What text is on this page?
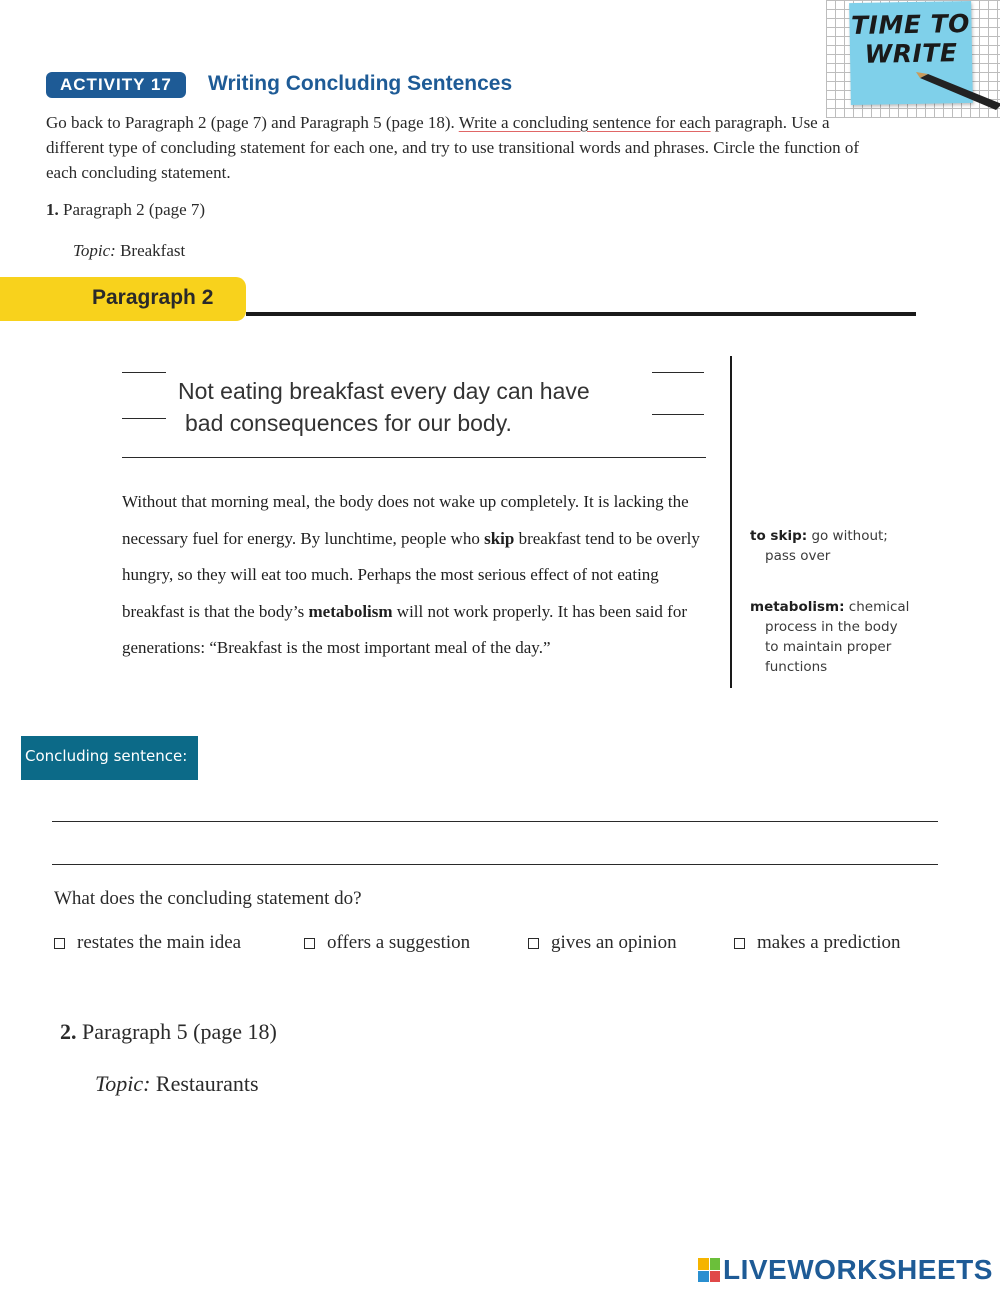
TIME TO
WRITE
ACTIVITY 17	Writing Concluding Sentences
Go back to Paragraph 2 (page 7) and Paragraph 5 (page 18). Write a concluding sentence for each paragraph. Use a different type of concluding statement for each one, and try to use transitional words and phrases. Circle the function of each concluding statement.
1. Paragraph 2 (page 7)
Topic: Breakfast
Paragraph 2
Not eating breakfast every day can have
bad consequences for our body.
Without that morning meal, the body does not wake up completely. It is lacking the necessary fuel for energy. By lunchtime, people who skip breakfast tend to be overly hungry, so they will eat too much. Perhaps the most serious effect of not eating breakfast is that the body’s metabolism will not work properly. It has been said for generations: “Breakfast is the most important meal of the day.”
to skip: go without;
pass over
metabolism: chemical
process in the body to maintain proper functions
Concluding sentence:
What does the concluding statement do?
restates the main idea	offers a suggestion	gives an opinion	makes a prediction
2. Paragraph 5 (page 18)
Topic: Restaurants
LIVEWORKSHEETS
